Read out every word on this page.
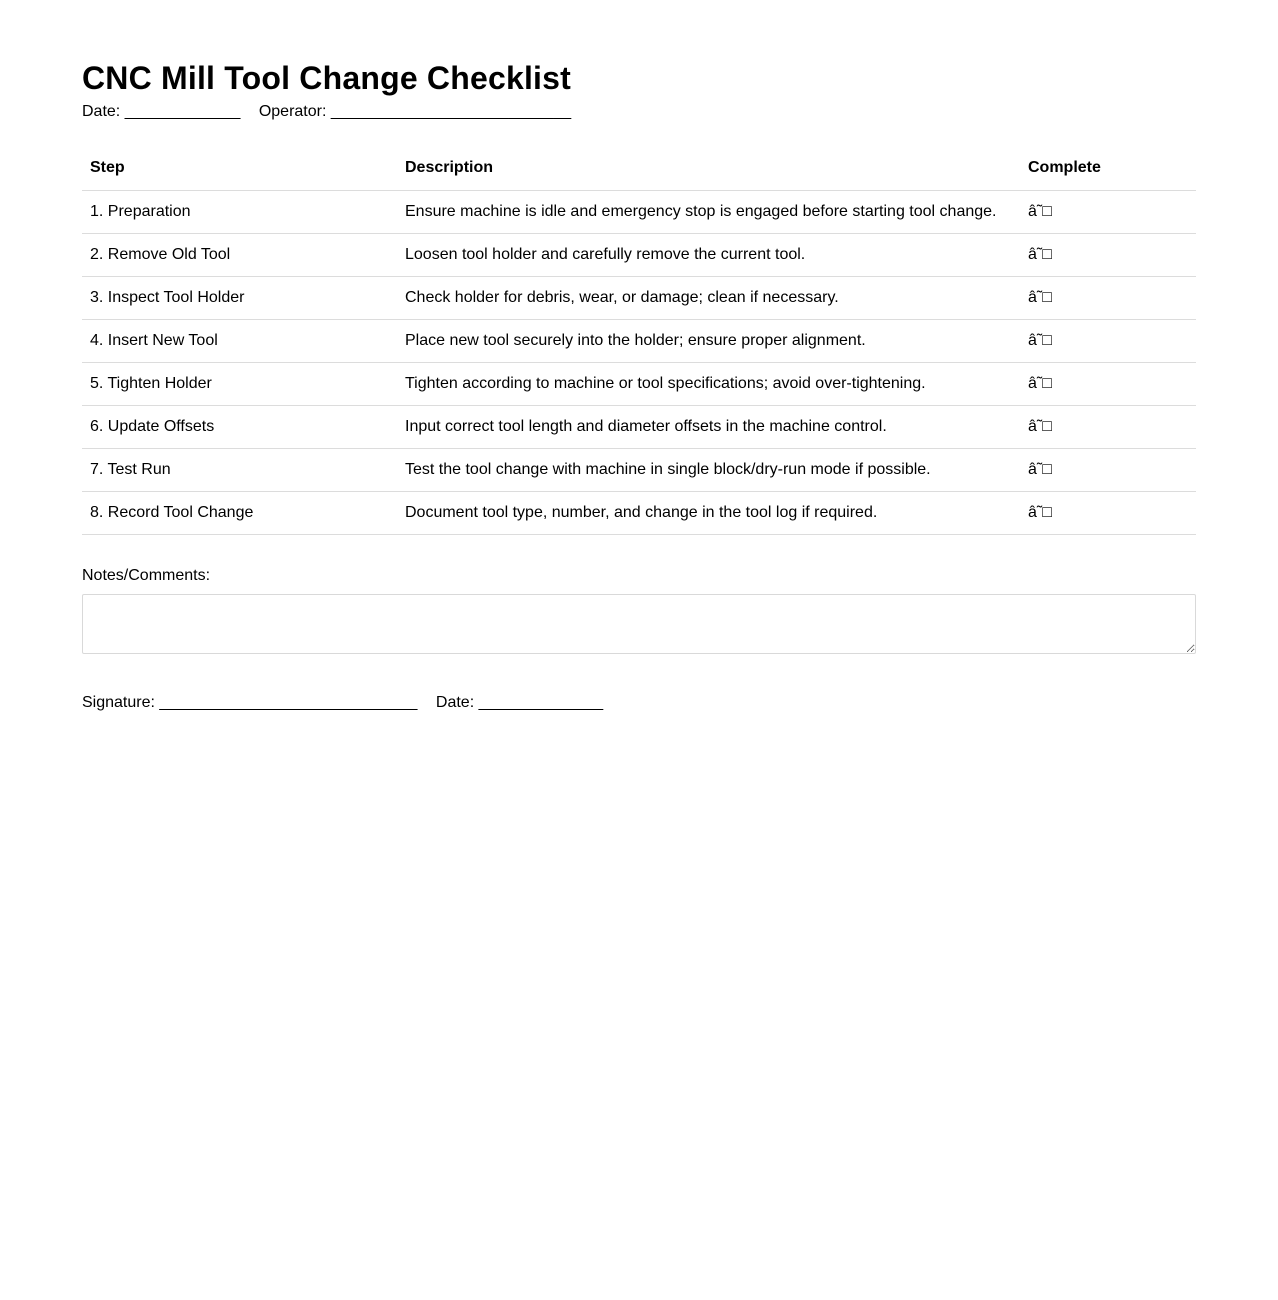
CNC Mill Tool Change Checklist
Date: _____________ Operator: ___________________________
Step	Description	Complete
1. Preparation	Ensure machine is idle and emergency stop is engaged before starting tool change.	â˜□
2. Remove Old Tool	Loosen tool holder and carefully remove the current tool.	â˜□
3. Inspect Tool Holder	Check holder for debris, wear, or damage; clean if necessary.	â˜□
4. Insert New Tool	Place new tool securely into the holder; ensure proper alignment.	â˜□
5. Tighten Holder	Tighten according to machine or tool specifications; avoid over-tightening.	â˜□
6. Update Offsets	Input correct tool length and diameter offsets in the machine control.	â˜□
7. Test Run	Test the tool change with machine in single block/dry-run mode if possible.	â˜□
8. Record Tool Change	Document tool type, number, and change in the tool log if required.	â˜□
Notes/Comments:
Signature: _____________________________ Date: ______________
